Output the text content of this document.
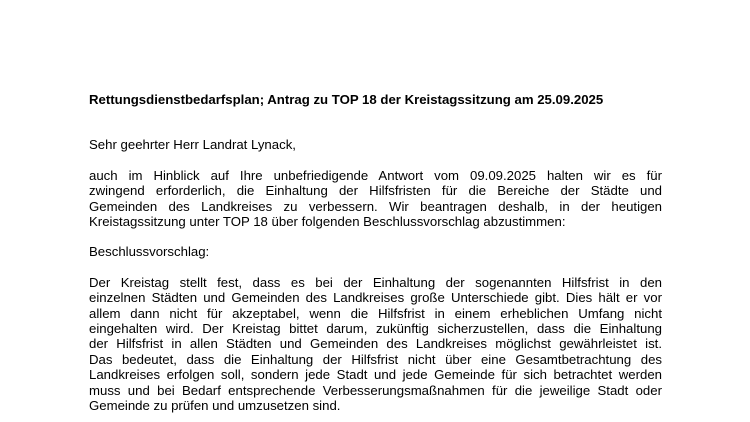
Rettungsdienstbedarfsplan; Antrag zu TOP 18 der Kreistagssitzung am 25.09.2025

Sehr geehrter Herr Landrat Lynack,

auch im Hinblick auf Ihre unbefriedigende Antwort vom 09.09.2025 halten wir es für
zwingend erforderlich, die Einhaltung der Hilfsfristen für die Bereiche der Städte und
Gemeinden des Landkreises zu verbessern. Wir beantragen deshalb, in der heutigen
Kreistagssitzung unter TOP 18 über folgenden Beschlussvorschlag abzustimmen:

Beschlussvorschlag:

Der Kreistag stellt fest, dass es bei der Einhaltung der sogenannten Hilfsfrist in den
einzelnen Städten und Gemeinden des Landkreises große Unterschiede gibt. Dies hält er vor
allem dann nicht für akzeptabel, wenn die Hilfsfrist in einem erheblichen Umfang nicht
eingehalten wird. Der Kreistag bittet darum, zukünftig sicherzustellen, dass die Einhaltung
der Hilfsfrist in allen Städten und Gemeinden des Landkreises möglichst gewährleistet ist.
Das bedeutet, dass die Einhaltung der Hilfsfrist nicht über eine Gesamtbetrachtung des
Landkreises erfolgen soll, sondern jede Stadt und jede Gemeinde für sich betrachtet werden
muss und bei Bedarf entsprechende Verbesserungsmaßnahmen für die jeweilige Stadt oder
Gemeinde zu prüfen und umzusetzen sind.
